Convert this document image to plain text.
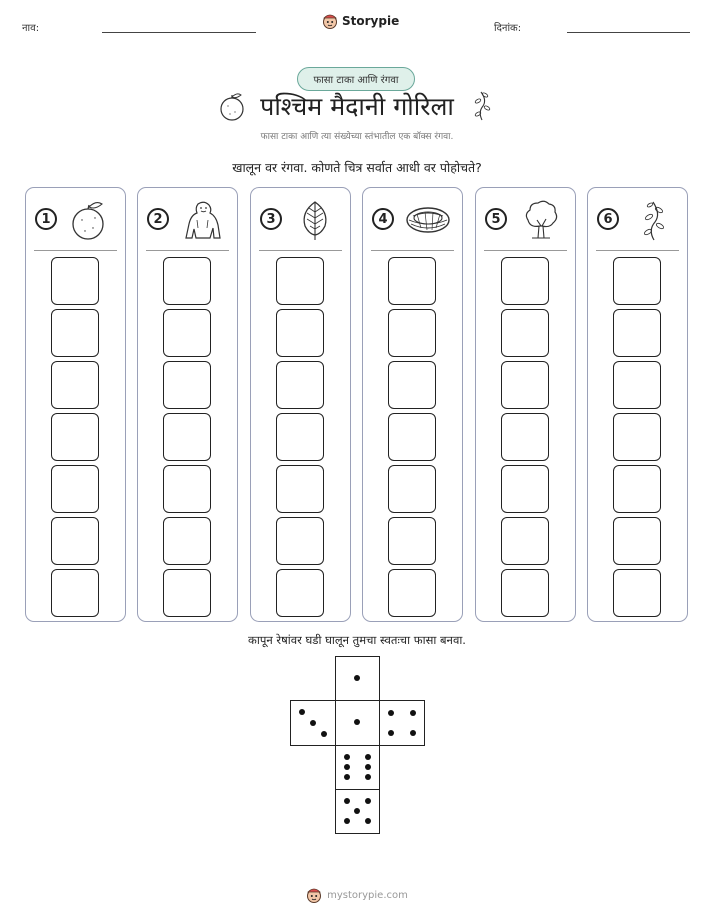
नाव:
Storypie
दिनांक:
फासा टाका आणि रंगवा
पश्चिम मैदानी गोरिला
फासा टाका आणि त्या संख्येच्या स्तंभातील एक बॉक्स रंगवा.
खालून वर रंगवा. कोणते चित्र सर्वात आधी वर पोहोचते?
1	2	3	4	5	6
कापून रेषांवर घडी घालून तुमचा स्वतःचा फासा बनवा.
mystorypie.com
